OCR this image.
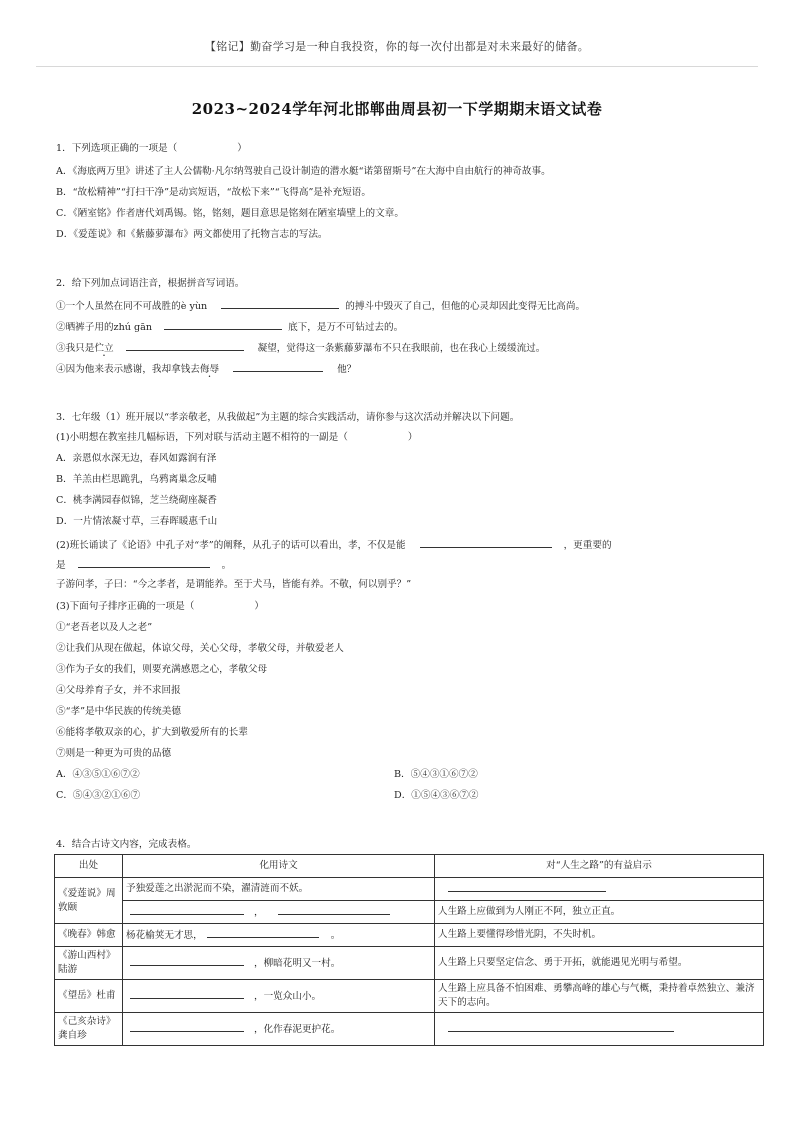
【铭记】勤奋学习是一种自我投资，你的每一次付出都是对未来最好的储备。
2023~2024学年河北邯郸曲周县初一下学期期末语文试卷
1．下列选项正确的一项是（	）
A．《海底两万里》讲述了主人公儒勒·凡尔纳驾驶自己设计制造的潜水艇“诺第留斯号”在大海中自由航行的神奇故事。
B．“故松精神”“打扫干净”是动宾短语，“故松下来”“飞得高”是补充短语。
C．《陋室铭》作者唐代刘禹锡。铭，铭刻，题目意思是铭刻在陋室墙壁上的文章。
D．《爱莲说》和《紫藤萝瀑布》两文都使用了托物言志的写法。
2．给下列加点词语注音，根据拼音写词语。
①一个人虽然在同不可战胜的è yùn	的搏斗中毁灭了自己，但他的心灵却因此变得无比高尚。
②晒裤子用的zhú gān	底下，是万不可钻过去的。
③我只是伫立	凝望，觉得这一条紫藤萝瀑布不只在我眼前，也在我心上缓缓流过。
④因为他来表示感谢，我却拿钱去侮辱	他？
3．七年级（1）班开展以“孝亲敬老，从我做起”为主题的综合实践活动，请你参与这次活动并解决以下问题。
(1)小明想在教室挂几幅标语，下列对联与活动主题不相符的一副是（	）
A．亲恩似水深无边，春风如露润有泽
B．羊羔由栏思跪乳，乌鸦离巢念反哺
C．桃李满园春似锦，芝兰绕砌座凝香
D．一片情浓凝寸草，三春晖暖惠千山
(2)班长诵读了《论语》中孔子对“孝”的阐释，从孔子的话可以看出，孝，不仅是能	，更重要的
是	。
子游问孝，子曰：“今之孝者，是谓能养。至于犬马，皆能有养。不敬，何以别乎？”
(3)下面句子排序正确的一项是（	）
①“老吾老以及人之老”
②让我们从现在做起，体谅父母，关心父母，孝敬父母，并敬爱老人
③作为子女的我们，则要充满感恩之心，孝敬父母
④父母养育子女，并不求回报
⑤“孝”是中华民族的传统美德
⑥能将孝敬双亲的心，扩大到敬爱所有的长辈
⑦则是一种更为可贵的品德
A．④③⑤①⑥⑦②	B．⑤④③①⑥⑦②
C．⑤④③②①⑥⑦	D．①⑤④③⑥⑦②
4．结合古诗文内容，完成表格。
出处	化用诗文	对“人生之路”的有益启示
《爱莲说》周敦颐	予独爱莲之出淤泥而不染，濯清涟而不妖。	
	，	人生路上应做到为人刚正不阿，独立正直。
《晚春》韩愈	杨花榆荚无才思， 。	人生路上要懂得珍惜光阴，不失时机。
《游山西村》陆游	，柳暗花明又一村。	人生路上只要坚定信念、勇于开拓，就能遇见光明与希望。
《望岳》杜甫	，一览众山小。	人生路上应具备不怕困难、勇攀高峰的雄心与气概，秉持着卓然独立、兼济天下的志向。
《己亥杂诗》龚自珍	，化作春泥更护花。	
